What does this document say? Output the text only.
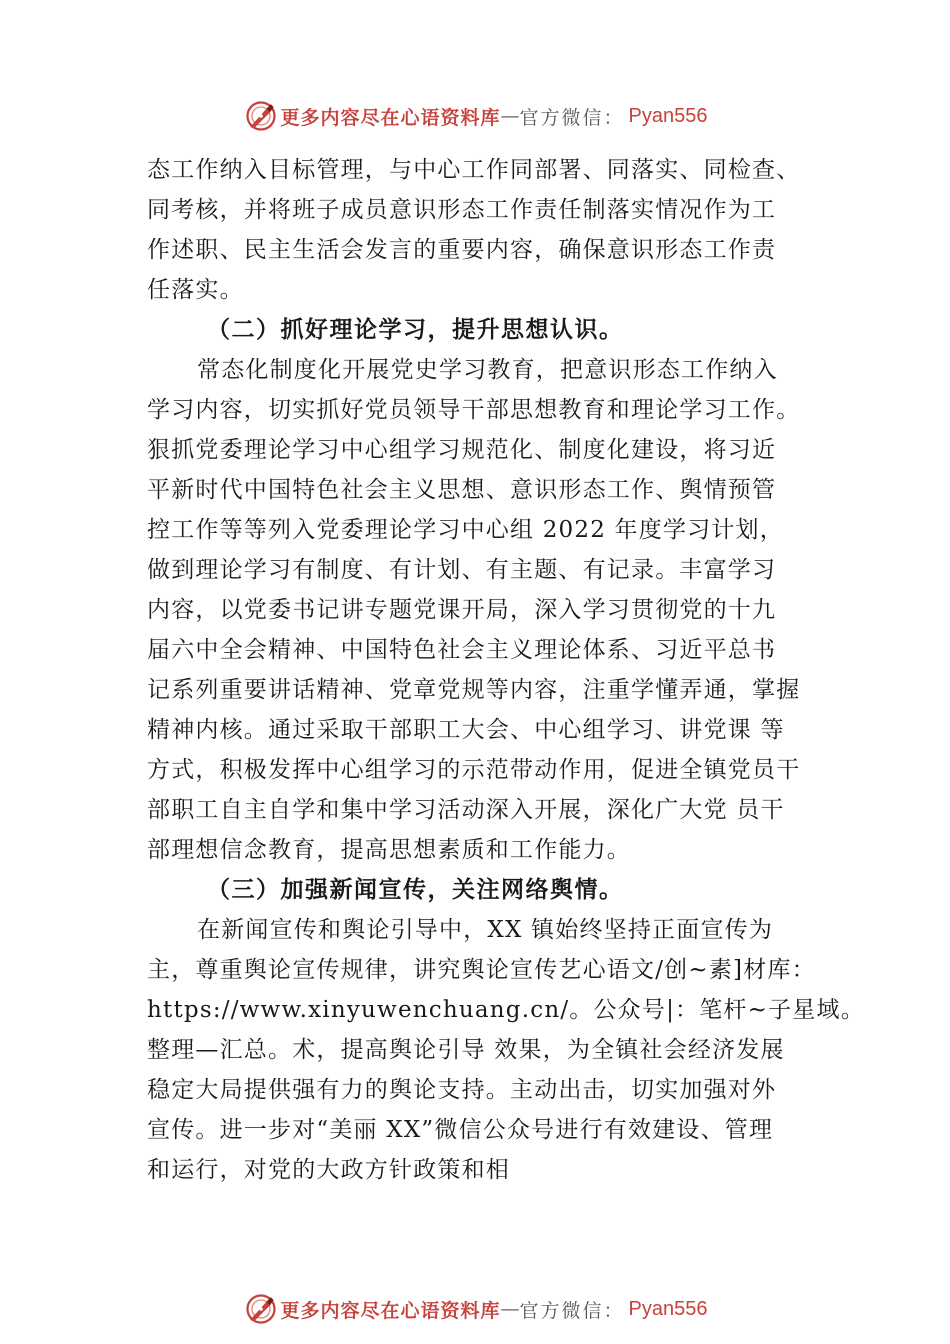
更多内容尽在心语资料库 — 官方微信： Pyan556

态工作纳入目标管理，与中心工作同部署、同落实、同检查、
同考核，并将班子成员意识形态工作责任制落实情况作为工
作述职、民主生活会发言的重要内容，确保意识形态工作责
任落实。

（二）抓好理论学习，提升思想认识。

常态化制度化开展党史学习教育，把意识形态工作纳入
学习内容，切实抓好党员领导干部思想教育和理论学习工作。
狠抓党委理论学习中心组学习规范化、制度化建设，将习近
平新时代中国特色社会主义思想、意识形态工作、舆情预管
控工作等等列入党委理论学习中心组 2022 年度学习计划，
做到理论学习有制度、有计划、有主题、有记录。丰富学习
内容，以党委书记讲专题党课开局，深入学习贯彻党的十九
届六中全会精神、中国特色社会主义理论体系、习近平总书
记系列重要讲话精神、党章党规等内容，注重学懂弄通，掌握
精神内核。通过采取干部职工大会、中心组学习、讲党课 等
方式，积极发挥中心组学习的示范带动作用，促进全镇党员干
部职工自主自学和集中学习活动深入开展，深化广大党 员干
部理想信念教育，提高思想素质和工作能力。

（三）加强新闻宣传，关注网络舆情。

在新闻宣传和舆论引导中，XX 镇始终坚持正面宣传为
主，尊重舆论宣传规律，讲究舆论宣传艺心语文/创~素]材库：
https://www.xinyuwenchuang.cn/。公众号|：笔杆~子星域。
整理—汇总。术，提高舆论引导 效果，为全镇社会经济发展
稳定大局提供强有力的舆论支持。主动出击，切实加强对外
宣传。进一步对“美丽 XX”微信公众号进行有效建设、管理
和运行，对党的大政方针政策和相

更多内容尽在心语资料库 — 官方微信： Pyan556
